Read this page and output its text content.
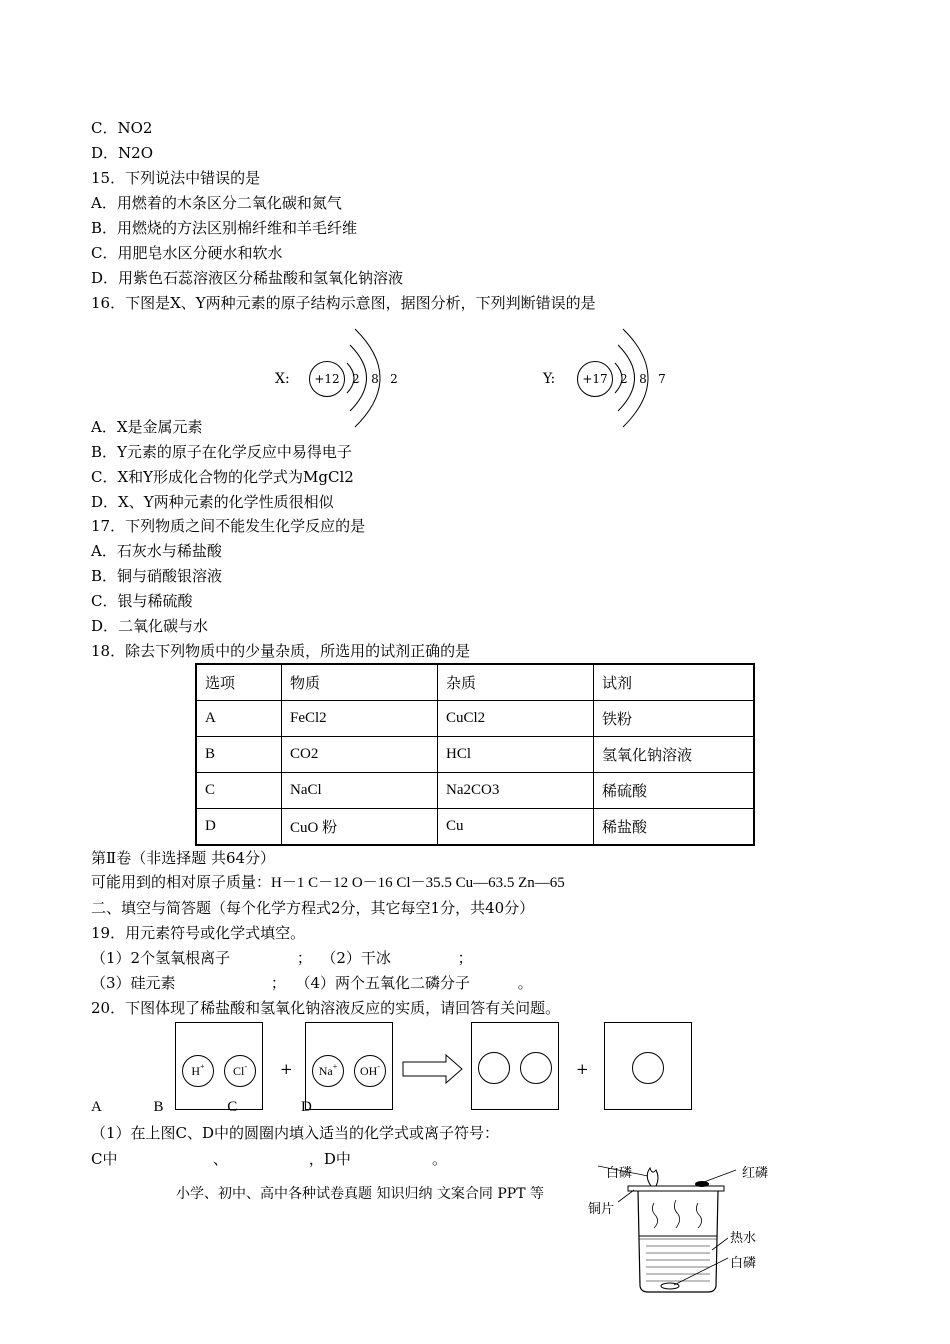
C．NO2
D．N2O
15．下列说法中错误的是
A．用燃着的木条区分二氧化碳和氮气
B．用燃烧的方法区别棉纤维和羊毛纤维
C．用肥皂水区分硬水和软水
D．用紫色石蕊溶液区分稀盐酸和氢氧化钠溶液
16．下图是X、Y两种元素的原子结构示意图，据图分析，下列判断错误的是
X:	+12	2   8   2	Y:	+17	2   8   7
A．X是金属元素
B．Y元素的原子在化学反应中易得电子
C．X和Y形成化合物的化学式为MgCl2
D．X、Y两种元素的化学性质很相似
17．下列物质之间不能发生化学反应的是
A．石灰水与稀盐酸
B．铜与硝酸银溶液
C．银与稀硫酸
D．二氧化碳与水
18．除去下列物质中的少量杂质，所选用的试剂正确的是
选项	物质	杂质	试剂
A	FeCl2	CuCl2	铁粉
B	CO2	HCl	氢氧化钠溶液
C	NaCl	Na2CO3	稀硫酸
D	CuO 粉	Cu	稀盐酸
第Ⅱ卷（非选择题 共64分）
可能用到的相对原子质量：H－1 C－12 O－16 Cl－35.5 Cu—63.5 Zn—65
二、填空与简答题（每个化学方程式2分，其它每空1分，共40分）
19．用元素符号或化学式填空。
（1）2个氢氧根离子              ；  （2）干冰              ；
（3）硅元素                    ；  （4）两个五氧化二磷分子          。
20．下图体现了稀盐酸和氢氧化钠溶液反应的实质，请回答有关问题。
H+	Cl-	+	Na+	OH-	→	+
A              B                 C                 D
（1）在上图C、D中的圆圈内填入适当的化学式或离子符号：
C中                    、                 ，D中                 。
小学、初中、高中各种试卷真题 知识归纳 文案合同 PPT 等
白磷	红磷
铜片
热水
白磷
